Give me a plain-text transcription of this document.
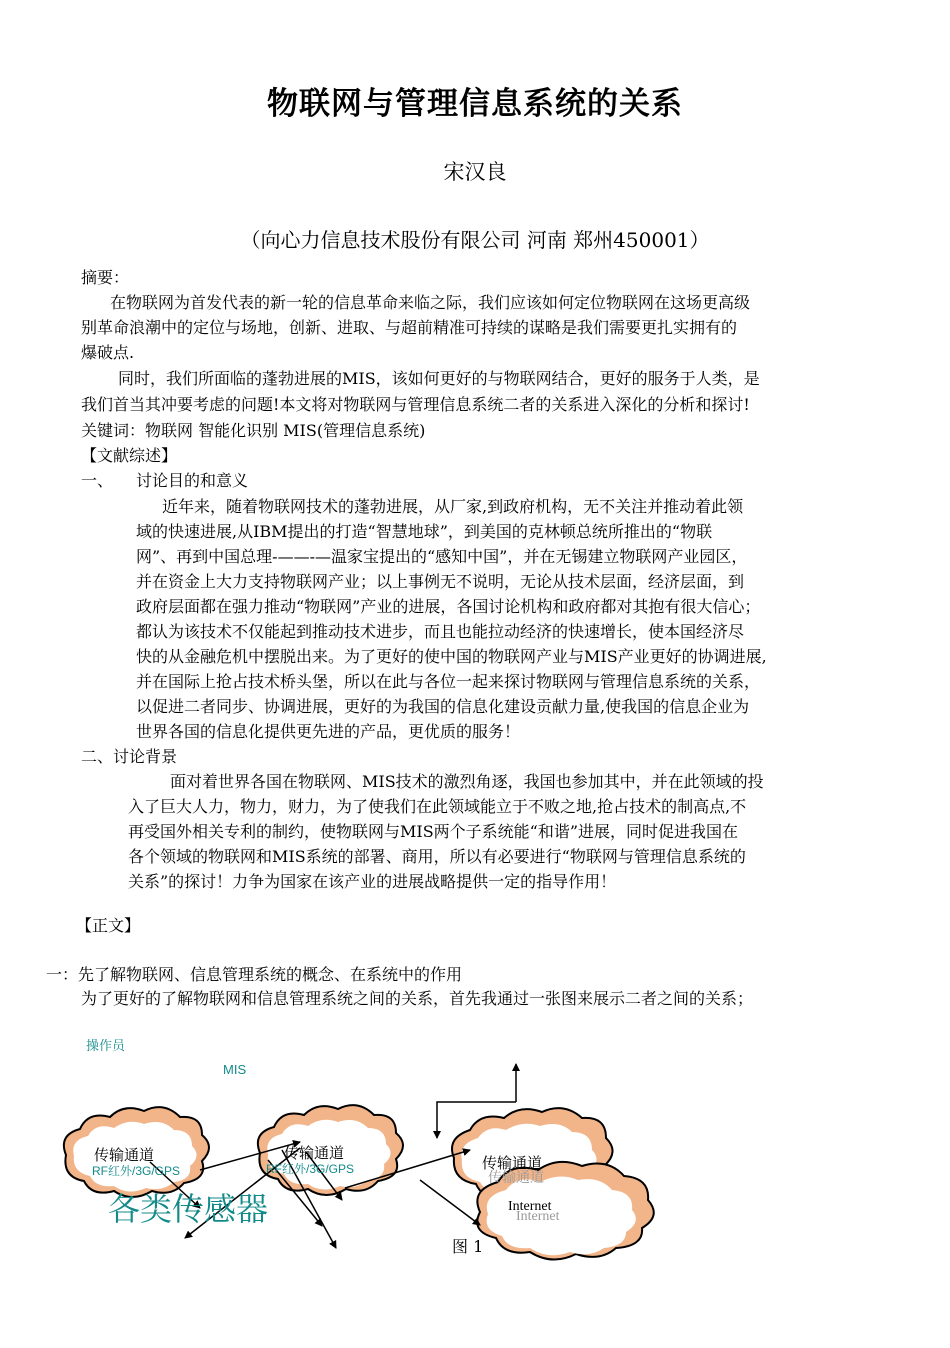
物联网与管理信息系统的关系
宋汉良
（向心力信息技术股份有限公司 河南 郑州450001）
摘要：
在物联网为首发代表的新一轮的信息革命来临之际，我们应该如何定位物联网在这场更高级
别革命浪潮中的定位与场地，创新、进取、与超前精准可持续的谋略是我们需要更扎实拥有的
爆破点.
同时，我们所面临的蓬勃进展的MIS，该如何更好的与物联网结合，更好的服务于人类，是
我们首当其冲要考虑的问题!本文将对物联网与管理信息系统二者的关系进入深化的分析和探讨!
关键词：物联网 智能化识别 MIS(管理信息系统)
【文献综述】
一、 讨论目的和意义
近年来，随着物联网技术的蓬勃进展，从厂家,到政府机构，无不关注并推动着此领
域的快速进展,从IBM提出的打造“智慧地球”，到美国的克林顿总统所推出的“物联
网”、再到中国总理-——-—温家宝提出的“感知中国”，并在无锡建立物联网产业园区，
并在资金上大力支持物联网产业；以上事例无不说明，无论从技术层面，经济层面，到
政府层面都在强力推动“物联网”产业的进展，各国讨论机构和政府都对其抱有很大信心；
都认为该技术不仅能起到推动技术进步，而且也能拉动经济的快速增长，使本国经济尽
快的从金融危机中摆脱出来。为了更好的使中国的物联网产业与MIS产业更好的协调进展,
并在国际上抢占技术桥头堡，所以在此与各位一起来探讨物联网与管理信息系统的关系，
以促进二者同步、协调进展，更好的为我国的信息化建设贡献力量,使我国的信息企业为
世界各国的信息化提供更先进的产品，更优质的服务！
二、讨论背景
面对着世界各国在物联网、MIS技术的激烈角逐，我国也参加其中，并在此领域的投
入了巨大人力，物力，财力，为了使我们在此领域能立于不败之地,抢占技术的制高点,不
再受国外相关专利的制约，使物联网与MIS两个子系统能“和谐”进展，同时促进我国在
各个领域的物联网和MIS系统的部署、商用，所以有必要进行“物联网与管理信息系统的
关系”的探讨！力争为国家在该产业的进展战略提供一定的指导作用！
【正文】
一：先了解物联网、信息管理系统的概念、在系统中的作用
为了更好的了解物联网和信息管理系统之间的关系，首先我通过一张图来展示二者之间的关系；
操作员
MIS
传输通道
RF红外/3G/GPS
传输通道
RF红外/3G/GPS	传输通道
传输通道
Internet
Internet
各类传感器
图 1
